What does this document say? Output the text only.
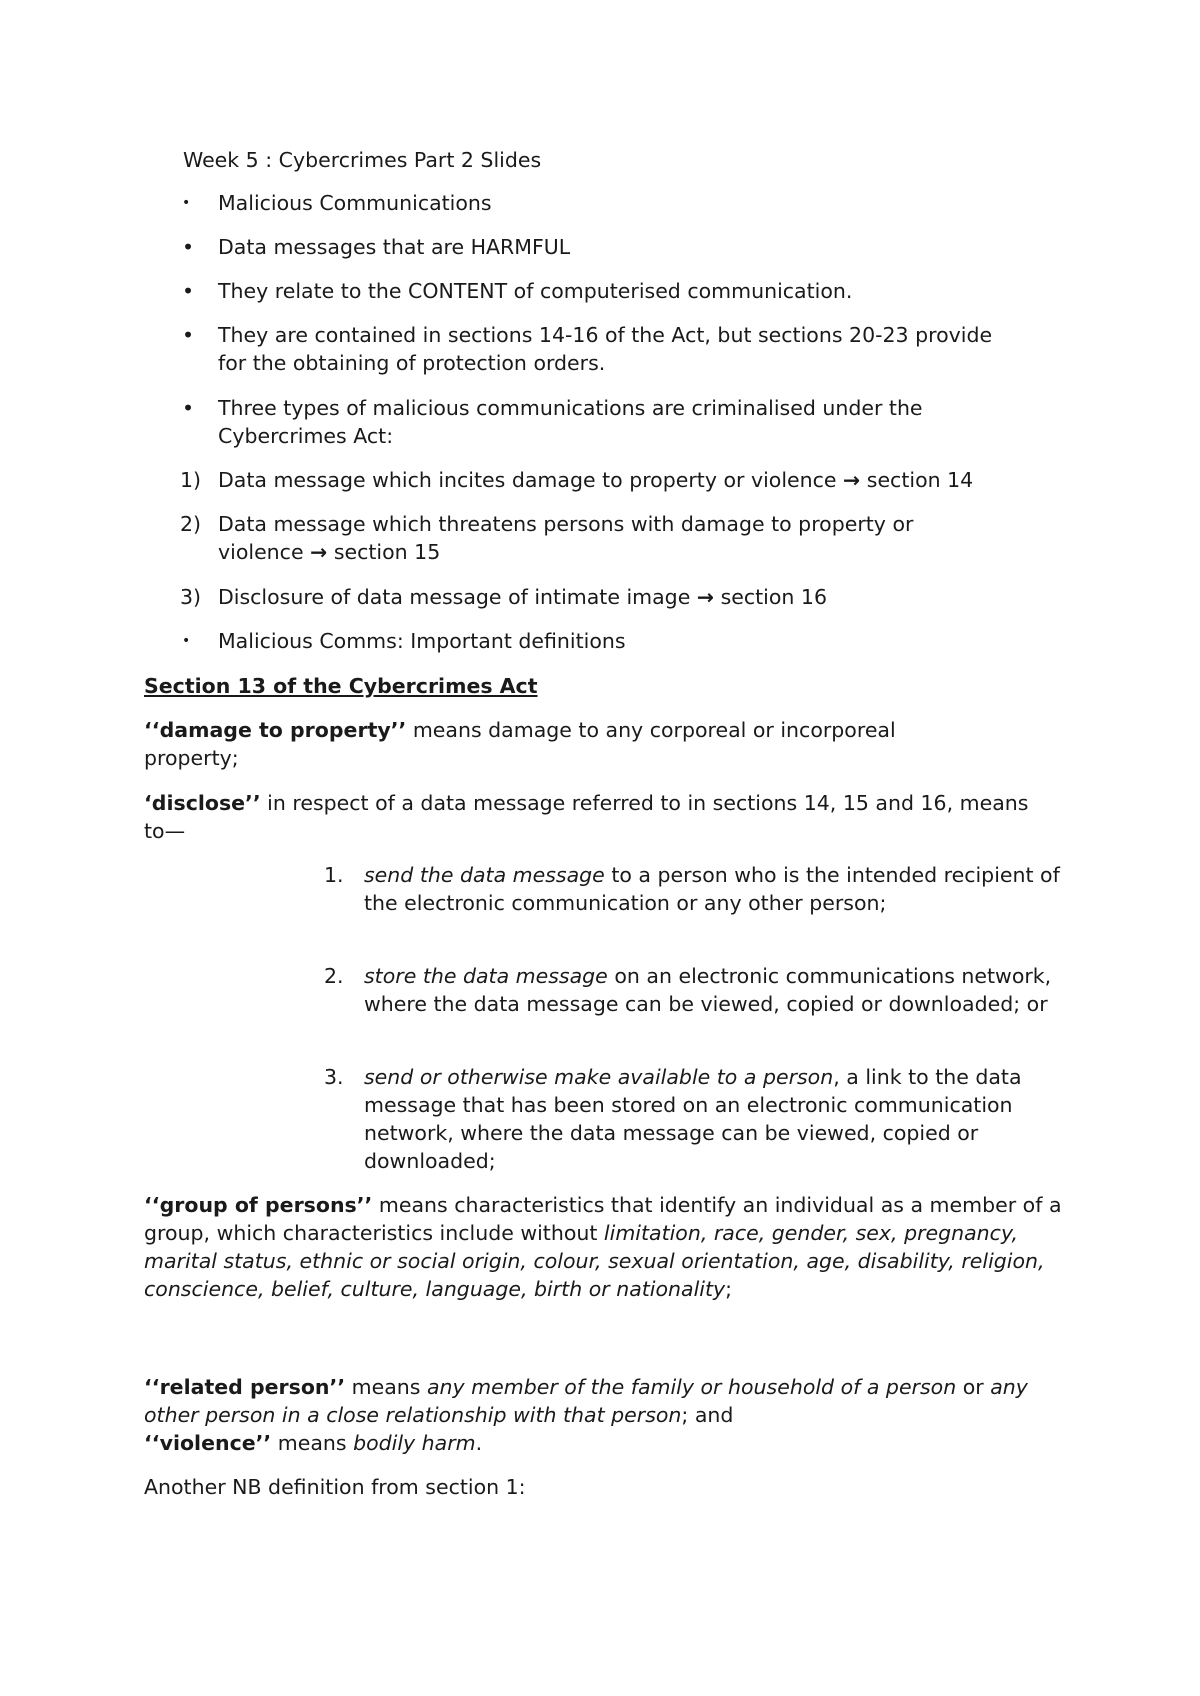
Week 5 : Cybercrimes Part 2 Slides
• Malicious Communications
• Data messages that are HARMFUL
• They relate to the CONTENT of computerised communication.
• They are contained in sections 14-16 of the Act, but sections 20-23 provide for the obtaining of protection orders.
• Three types of malicious communications are criminalised under the Cybercrimes Act:
1) Data message which incites damage to property or violence → section 14
2) Data message which threatens persons with damage to property or violence → section 15
3) Disclosure of data message of intimate image → section 16
• Malicious Comms: Important definitions
Section 13 of the Cybercrimes Act
‘‘damage to property’’ means damage to any corporeal or incorporeal property;
‘disclose’’ in respect of a data message referred to in sections 14, 15 and 16, means to—
1. send the data message to a person who is the intended recipient of the electronic communication or any other person;
2. store the data message on an electronic communications network, where the data message can be viewed, copied or downloaded; or
3. send or otherwise make available to a person, a link to the data message that has been stored on an electronic communication network, where the data message can be viewed, copied or downloaded;
‘‘group of persons’’ means characteristics that identify an individual as a member of a group, which characteristics include without limitation, race, gender, sex, pregnancy, marital status, ethnic or social origin, colour, sexual orientation, age, disability, religion, conscience, belief, culture, language, birth or nationality;
‘‘related person’’ means any member of the family or household of a person or any other person in a close relationship with that person; and
‘‘violence’’ means bodily harm.
Another NB definition from section 1:
